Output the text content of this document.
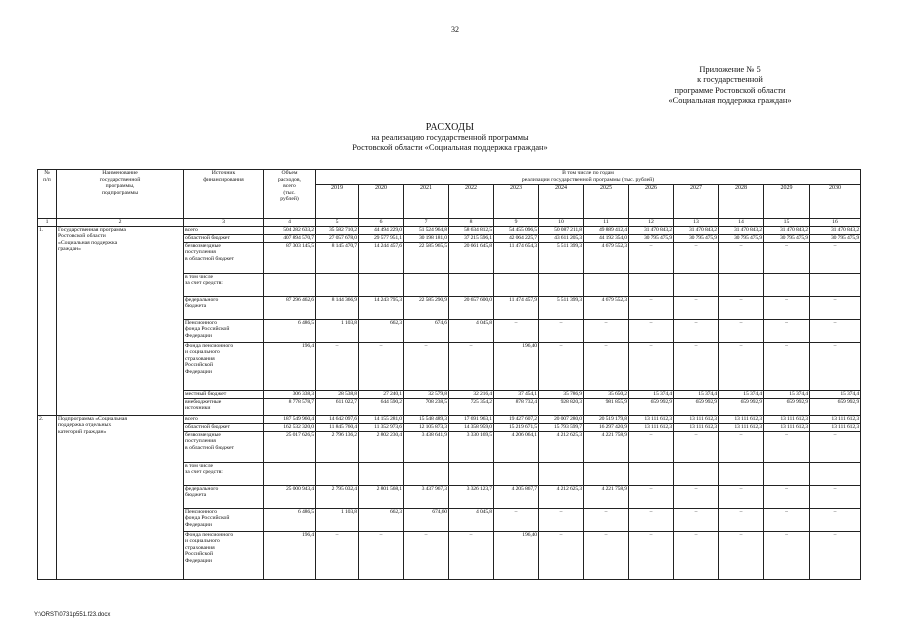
32
Приложение № 5
к государственной
программе Ростовской области
«Социальная поддержка граждан»
РАСХОДЫ
на реализацию государственной программы
Ростовской области «Социальная поддержка граждан»
№
п/п	Наименование
государственной
программы,
подпрограммы	Источник
финансирования	Объем
расходов,
всего
(тыс.
рублей)	В том числе по годам
реализации государственной программы (тыс. рублей)											
				2019	2020	2021	2022	2023	2024	2025	2026	2027	2028	2029	2030
1	2	3	4	5	6	7	8	9	10	11	12	13	14	15	16
1.	Государственная программа
Ростовской области
«Социальная поддержка
граждан»	всего	504 282 633,2	35 582 710,2	44 494 229,0	51 524 964,8	58 634 812,5	54 455 096,5	50 087 211,8	49 889 412,4	31 470 843,2	31 470 843,2	31 470 843,2	31 470 843,2	31 470 843,2
		областной бюджет	407 894 570,7	27 057 678,0	29 577 951,1	30 198 181,0	37 215 596,1	42 064 225,7	43 611 205,3	44 192 354,0	30 795 475,9	30 795 475,9	30 795 475,9	30 795 475,9	30 795 475,9
		безвозмездные
поступления
в областной бюджет	87 303 145,5	8 145 470,7	14 244 457,6	22 585 965,5	20 661 645,8	11 474 654,3	5 511 399,3	4 679 552,3	–	–	–	–	–
		в том числе
за счет средств:													
		федерального
бюджета	87 296 462,6	8 144 366,9	14 243 795,3	22 585 290,9	20 657 600,0	11 474 457,9	5 511 399,3	4 679 552,3	–	–	–	–	–
		Пенсионного
фонда Российской
Федерации	6 486,5	1 103,8	662,3	674,6	4 045,8	–	–	–	–	–	–	–	–
		Фонда пенсионного
и социального
страхования
Российской
Федерации	196,4	–	–	–	–	196,40	–	–	–	–	–	–	–
		местный бюджет	306 338,3	28 538,8	27 240,1	32 579,8	32 216,4	37 454,1	35 786,9	35 650,2	15 374,4	15 374,4	15 374,4	15 374,4	15 374,4
		внебюджетные
источники	8 778 578,7	611 022,7	644 590,2	708 238,5	725 354,2	878 732,4	928 820,3	981 855,9	659 992,9	659 992,9	659 992,9	659 992,9	659 992,9
2.	Подпрограмма «Социальная
поддержка отдельных
категорий граждан»	всего	187 549 960,4	14 642 097,6	14 155 281,0	15 548 489,3	17 691 963,1	19 427 607,2	20 007 280,0	20 519 179,8	13 111 612,3	13 111 612,3	13 111 612,3	13 111 612,3	13 111 612,3
		областной бюджет	162 532 320,0	11 845 760,4	11 352 973,6	12 105 873,3	14 358 959,0	15 219 671,5	15 793 599,7	16 297 420,9	13 111 612,3	13 111 612,3	13 111 612,3	13 111 612,3	13 111 612,3
		безвозмездные
поступления
в областной бюджет	25 017 626,5	2 796 136,2	2 802 230,4	3 438 641,9	3 330 169,5	4 206 064,1	4 212 625,3	4 221 758,9	–	–	–	–	–
		в том числе
за счет средств:													
		федерального
бюджета	25 000 943,4	2 795 032,4	2 801 568,1	3 437 967,3	3 326 123,7	4 205 867,7	4 212 625,3	4 221 758,9	–	–	–	–	–
		Пенсионного
фонда Российской
Федерации	6 486,5	1 103,8	662,3	674,60	4 045,8	–	–	–	–	–	–	–	–
		Фонда пенсионного
и социального
страхования
Российской
Федерации	196,4	–	–	–	–	196,40	–	–	–	–	–	–	–
Y:\ORST\0731p551.f23.docx
